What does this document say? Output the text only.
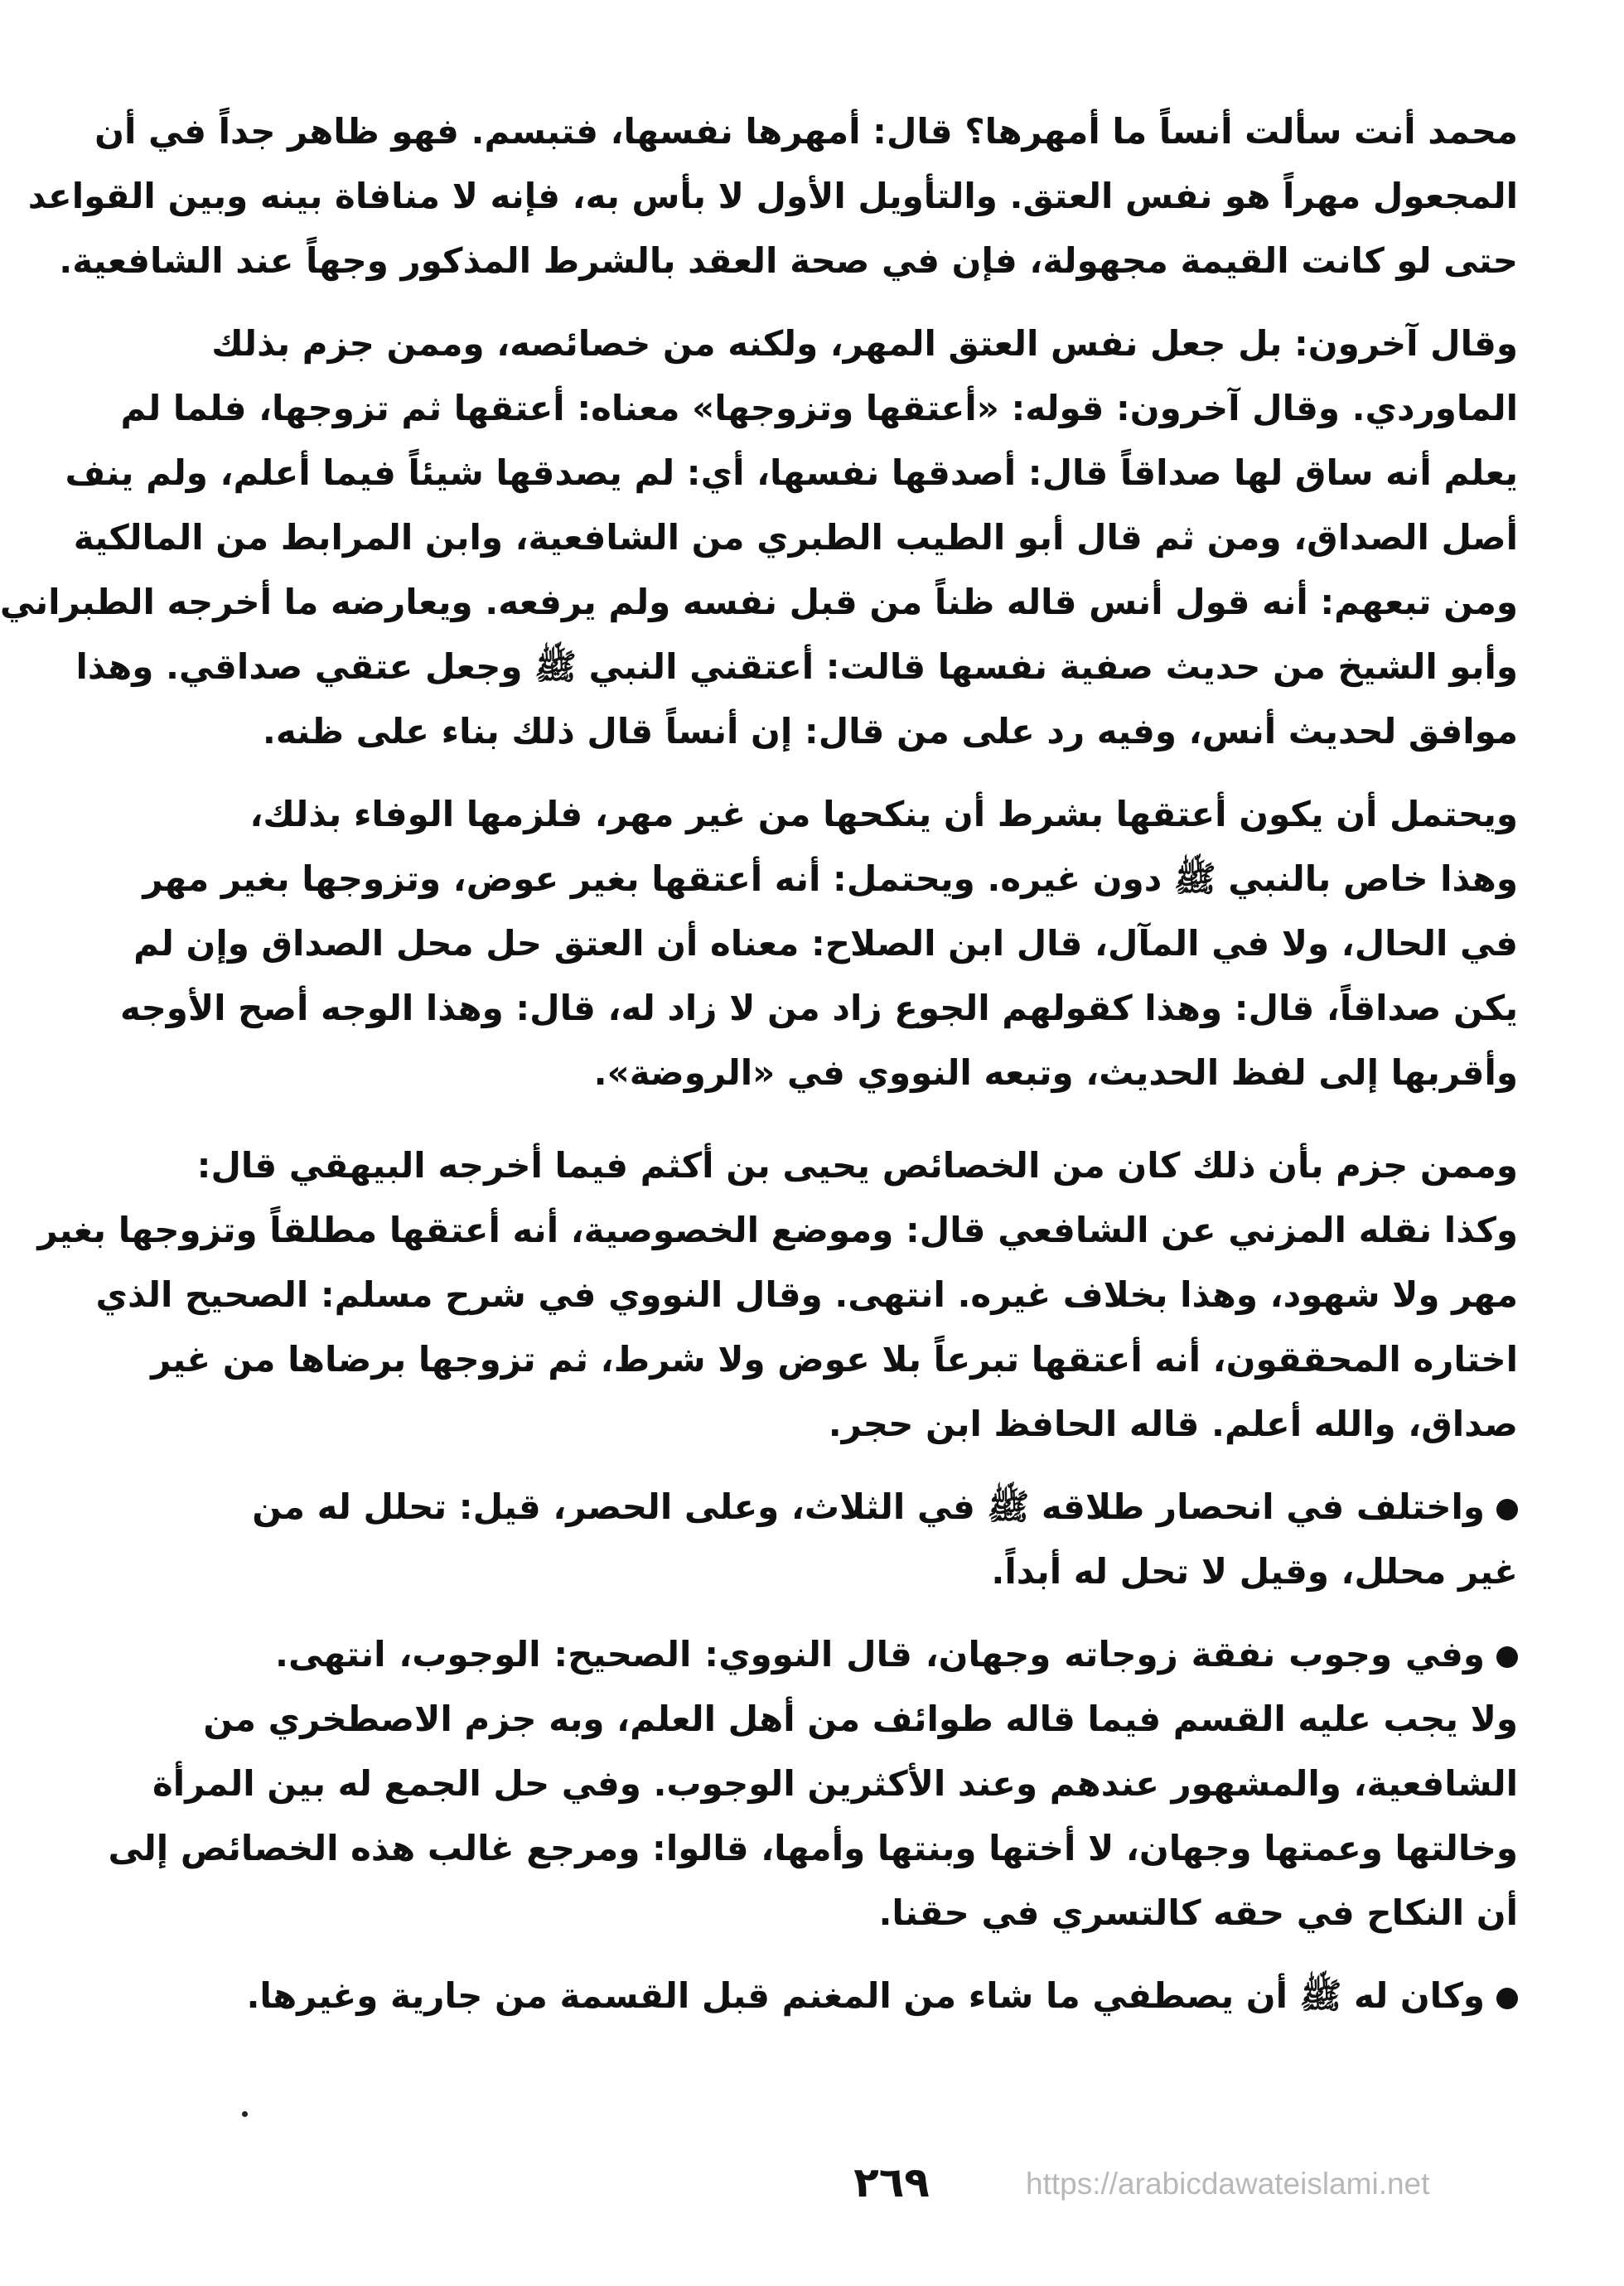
محمد أنت سألت أنساً ما أمهرها؟ قال: أمهرها نفسها، فتبسم. فهو ظاهر جداً في أن
المجعول مهراً هو نفس العتق. والتأويل الأول لا بأس به، فإنه لا منافاة بينه وبين القواعد
حتى لو كانت القيمة مجهولة، فإن في صحة العقد بالشرط المذكور وجهاً عند الشافعية.
وقال آخرون: بل جعل نفس العتق المهر، ولكنه من خصائصه، وممن جزم بذلك
الماوردي. وقال آخرون: قوله: «أعتقها وتزوجها» معناه: أعتقها ثم تزوجها، فلما لم
يعلم أنه ساق لها صداقاً قال: أصدقها نفسها، أي: لم يصدقها شيئاً فيما أعلم، ولم ينف
أصل الصداق، ومن ثم قال أبو الطيب الطبري من الشافعية، وابن المرابط من المالكية
ومن تبعهم: أنه قول أنس قاله ظناً من قبل نفسه ولم يرفعه. ويعارضه ما أخرجه الطبراني
وأبو الشيخ من حديث صفية نفسها قالت: أعتقني النبي ﷺ وجعل عتقي صداقي. وهذا
موافق لحديث أنس، وفيه رد على من قال: إن أنساً قال ذلك بناء على ظنه.
ويحتمل أن يكون أعتقها بشرط أن ينكحها من غير مهر، فلزمها الوفاء بذلك،
وهذا خاص بالنبي ﷺ دون غيره. ويحتمل: أنه أعتقها بغير عوض، وتزوجها بغير مهر
في الحال، ولا في المآل، قال ابن الصلاح: معناه أن العتق حل محل الصداق وإن لم
يكن صداقاً، قال: وهذا كقولهم الجوع زاد من لا زاد له، قال: وهذا الوجه أصح الأوجه
وأقربها إلى لفظ الحديث، وتبعه النووي في «الروضة».
وممن جزم بأن ذلك كان من الخصائص يحيى بن أكثم فيما أخرجه البيهقي قال:
وكذا نقله المزني عن الشافعي قال: وموضع الخصوصية، أنه أعتقها مطلقاً وتزوجها بغير
مهر ولا شهود، وهذا بخلاف غيره. انتهى. وقال النووي في شرح مسلم: الصحيح الذي
اختاره المحققون، أنه أعتقها تبرعاً بلا عوض ولا شرط، ثم تزوجها برضاها من غير
صداق، والله أعلم. قاله الحافظ ابن حجر.
واختلف في انحصار طلاقه ﷺ في الثلاث، وعلى الحصر، قيل: تحلل له من
غير محلل، وقيل لا تحل له أبداً.
وفي وجوب نفقة زوجاته وجهان، قال النووي: الصحيح: الوجوب، انتهى.
ولا يجب عليه القسم فيما قاله طوائف من أهل العلم، وبه جزم الاصطخري من
الشافعية، والمشهور عندهم وعند الأكثرين الوجوب. وفي حل الجمع له بين المرأة
وخالتها وعمتها وجهان، لا أختها وبنتها وأمها، قالوا: ومرجع غالب هذه الخصائص إلى
أن النكاح في حقه كالتسري في حقنا.
وكان له ﷺ أن يصطفي ما شاء من المغنم قبل القسمة من جارية وغيرها.
٢٦٩	https://arabicdawateislami.net
